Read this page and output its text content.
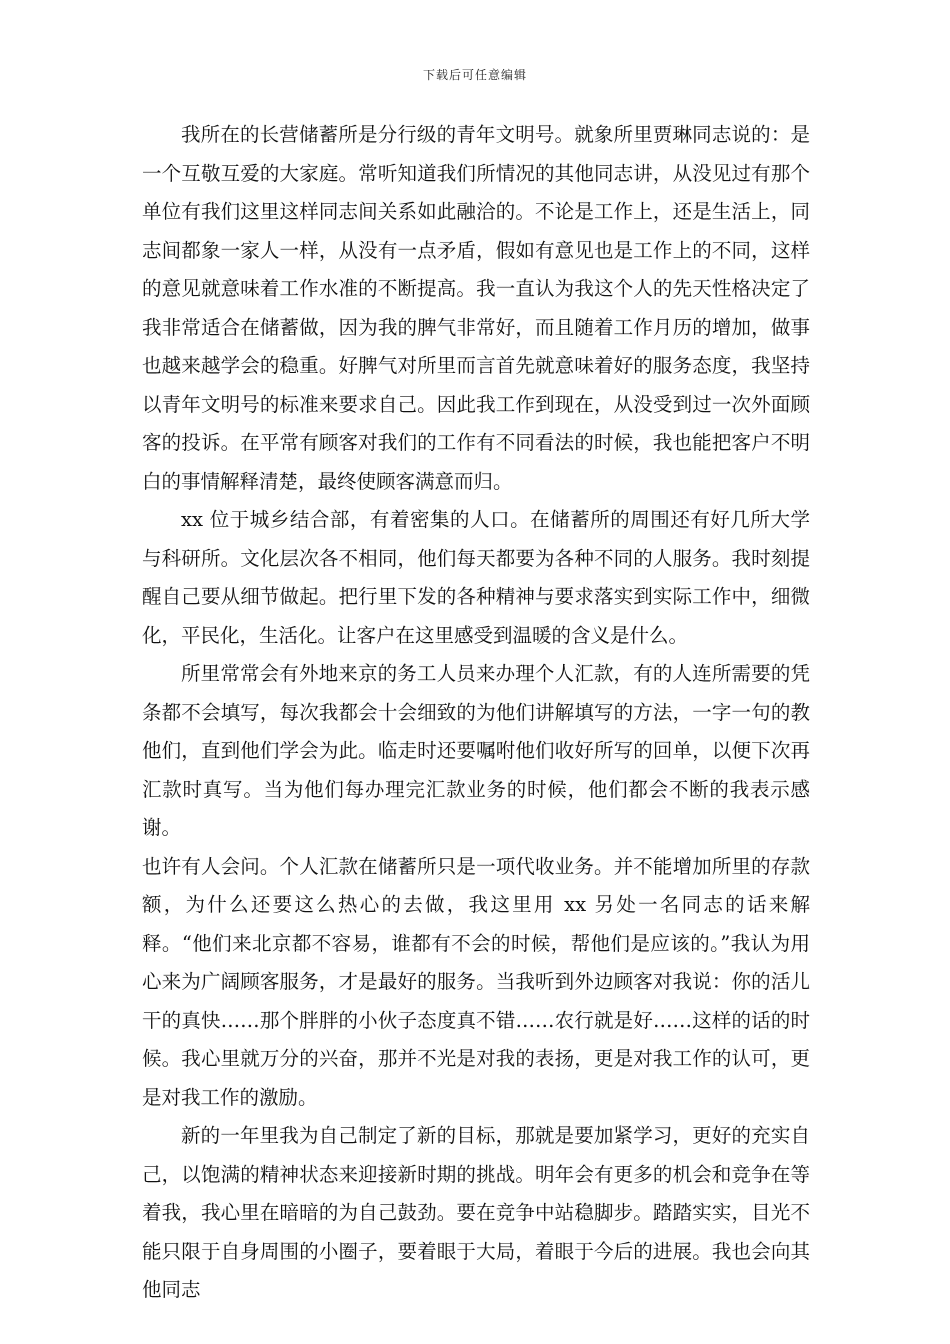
下载后可任意编辑

我所在的长营储蓄所是分行级的青年文明号。就象所里贾琳同志说的：是一个互敬互爱的大家庭。常听知道我们所情况的其他同志讲，从没见过有那个单位有我们这里这样同志间关系如此融洽的。不论是工作上，还是生活上，同志间都象一家人一样，从没有一点矛盾，假如有意见也是工作上的不同，这样的意见就意味着工作水准的不断提高。我一直认为我这个人的先天性格决定了我非常适合在储蓄做，因为我的脾气非常好，而且随着工作月历的增加，做事也越来越学会的稳重。好脾气对所里而言首先就意味着好的服务态度，我坚持以青年文明号的标准来要求自己。因此我工作到现在，从没受到过一次外面顾客的投诉。在平常有顾客对我们的工作有不同看法的时候，我也能把客户不明白的事情解释清楚，最终使顾客满意而归。

xx 位于城乡结合部，有着密集的人口。在储蓄所的周围还有好几所大学与科研所。文化层次各不相同，他们每天都要为各种不同的人服务。我时刻提醒自己要从细节做起。把行里下发的各种精神与要求落实到实际工作中，细微化，平民化，生活化。让客户在这里感受到温暖的含义是什么。

所里常常会有外地来京的务工人员来办理个人汇款，有的人连所需要的凭条都不会填写，每次我都会十会细致的为他们讲解填写的方法，一字一句的教他们，直到他们学会为此。临走时还要嘱咐他们收好所写的回单，以便下次再汇款时真写。当为他们每办理完汇款业务的时候，他们都会不断的我表示感谢。

也许有人会问。个人汇款在储蓄所只是一项代收业务。并不能增加所里的存款额，为什么还要这么热心的去做，我这里用 xx 另处一名同志的话来解释。“他们来北京都不容易，谁都有不会的时候，帮他们是应该的。”我认为用心来为广阔顾客服务，才是最好的服务。当我听到外边顾客对我说：你的活儿干的真快……那个胖胖的小伙子态度真不错……农行就是好……这样的话的时候。我心里就万分的兴奋，那并不光是对我的表扬，更是对我工作的认可，更是对我工作的激励。

新的一年里我为自己制定了新的目标，那就是要加紧学习，更好的充实自己，以饱满的精神状态来迎接新时期的挑战。明年会有更多的机会和竞争在等着我，我心里在暗暗的为自己鼓劲。要在竞争中站稳脚步。踏踏实实，目光不能只限于自身周围的小圈子，要着眼于大局，着眼于今后的进展。我也会向其他同志
